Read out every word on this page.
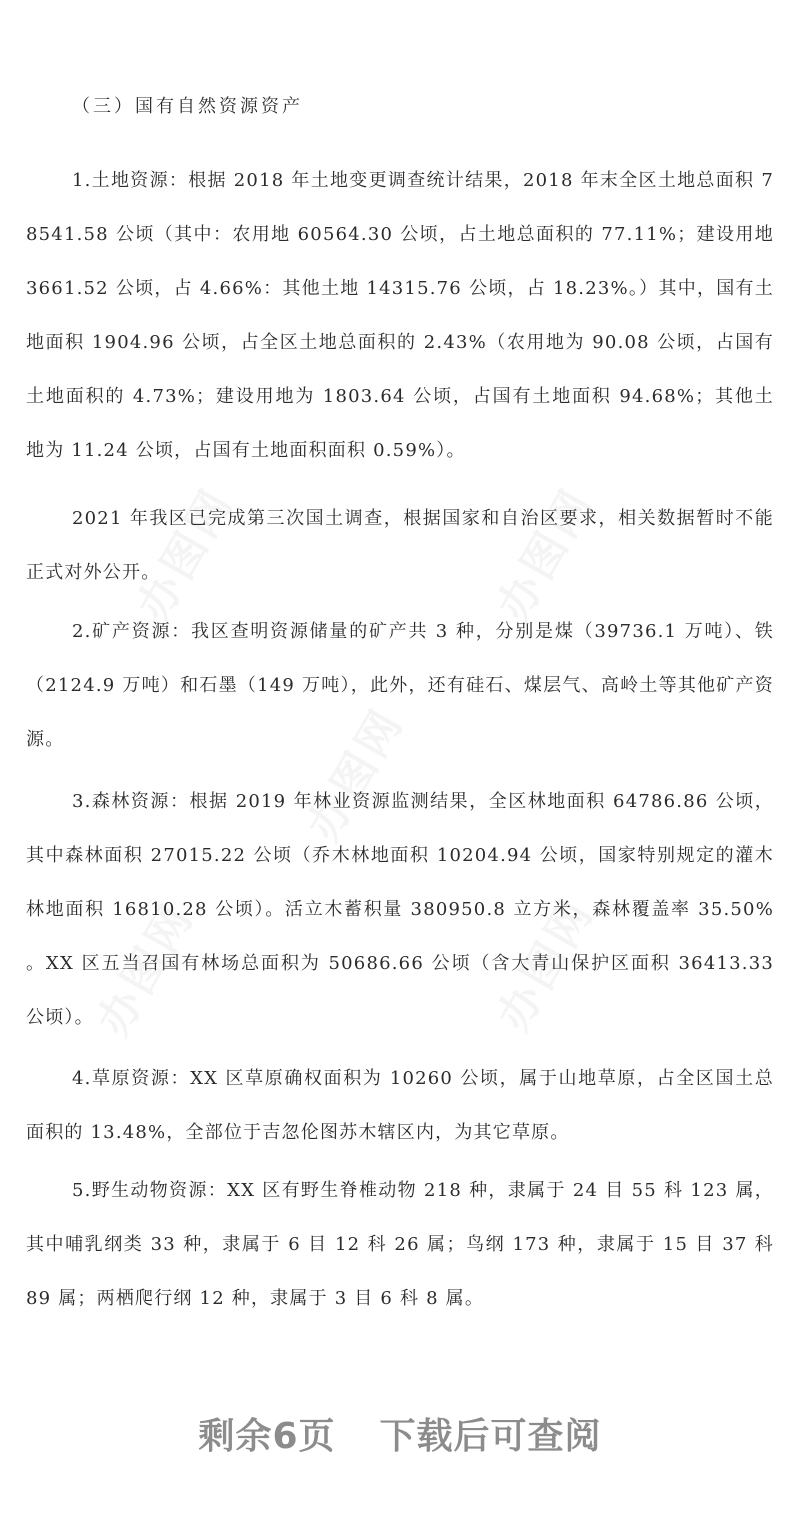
办图网	办图网
办图网
办图网	办图网
（三）国有自然资源资产

1.土地资源：根据 2018 年土地变更调查统计结果，2018 年末全区土地总面积 78541.58 公顷（其中：农用地 60564.30 公顷，占土地总面积的 77.11%；建设用地 3661.52 公顷，占 4.66%：其他土地 14315.76 公顷，占 18.23%。）其中，国有土地面积 1904.96 公顷，占全区土地总面积的 2.43%（农用地为 90.08 公顷，占国有土地面积的 4.73%；建设用地为 1803.64 公顷，占国有土地面积 94.68%；其他土地为 11.24 公顷，占国有土地面积面积 0.59%）。

2021 年我区已完成第三次国土调查，根据国家和自治区要求，相关数据暂时不能正式对外公开。

2.矿产资源：我区查明资源储量的矿产共 3 种，分别是煤（39736.1 万吨）、铁（2124.9 万吨）和石墨（149 万吨），此外，还有硅石、煤层气、高岭土等其他矿产资源。

3.森林资源：根据 2019 年林业资源监测结果，全区林地面积 64786.86 公顷，其中森林面积 27015.22 公顷（乔木林地面积 10204.94 公顷，国家特别规定的灌木林地面积 16810.28 公顷）。活立木蓄积量 380950.8 立方米，森林覆盖率 35.50%。XX 区五当召国有林场总面积为 50686.66 公顷（含大青山保护区面积 36413.33 公顷）。

4.草原资源：XX 区草原确权面积为 10260 公顷，属于山地草原，占全区国土总面积的 13.48%，全部位于吉忽伦图苏木辖区内，为其它草原。

5.野生动物资源：XX 区有野生脊椎动物 218 种，隶属于 24 目 55 科 123 属，其中哺乳纲类 33 种，隶属于 6 目 12 科 26 属；鸟纲 173 种，隶属于 15 目 37 科 89 属；两栖爬行纲 12 种，隶属于 3 目 6 科 8 属。

剩余6页 下载后可查阅
